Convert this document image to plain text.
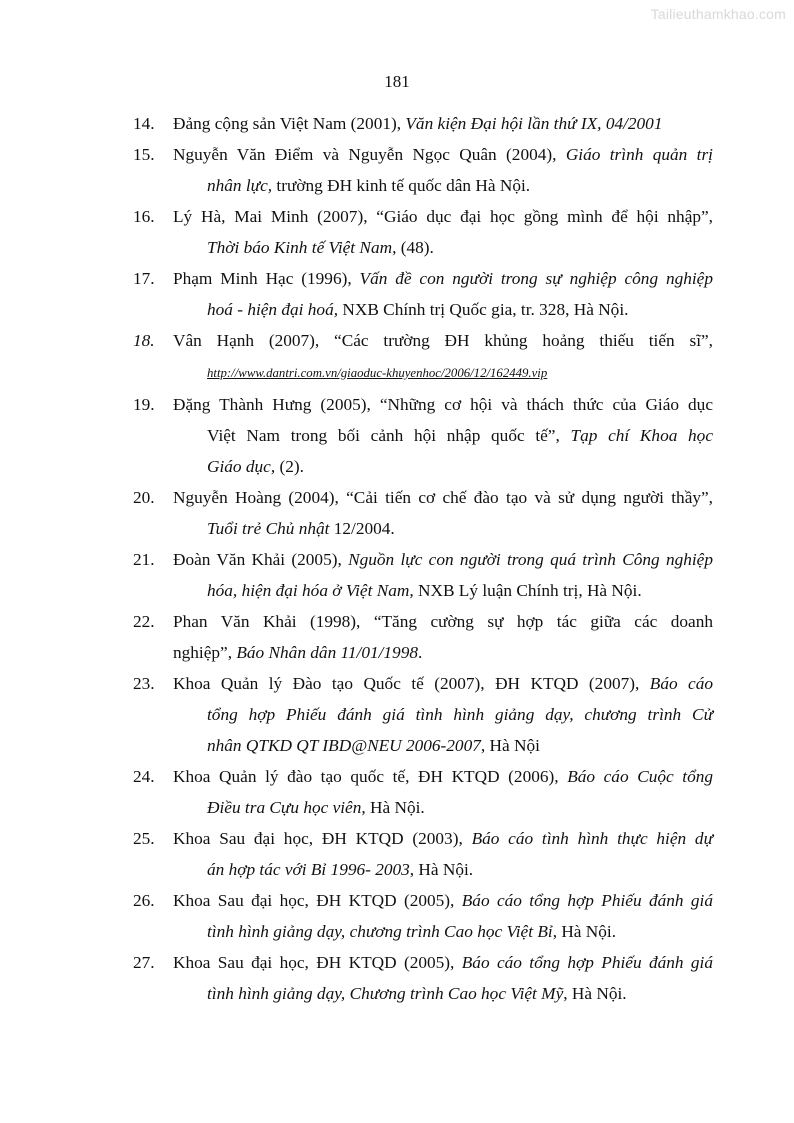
Tailieuthamkhao.com
181
14. Đảng cộng sản Việt Nam (2001), Văn kiện Đại hội lần thứ IX, 04/2001
15. Nguyễn Văn Điểm và Nguyễn Ngọc Quân (2004), Giáo trình quản trị
nhân lực, trường ĐH kinh tế quốc dân Hà Nội.
16. Lý Hà, Mai Minh (2007), “Giáo dục đại học gồng mình để hội nhập”,
Thời báo Kinh tế Việt Nam, (48).
17. Phạm Minh Hạc (1996), Vấn đề con người trong sự nghiệp công nghiệp
hoá - hiện đại hoá, NXB Chính trị Quốc gia, tr. 328, Hà Nội.
18. Vân Hạnh (2007), “Các trường ĐH khủng hoảng thiếu tiến sĩ”,
http://www.dantri.com.vn/giaoduc-khuyenhoc/2006/12/162449.vip
19. Đặng Thành Hưng (2005), “Những cơ hội và thách thức của Giáo dục
Việt Nam trong bối cảnh hội nhập quốc tế”, Tạp chí Khoa học
Giáo dục, (2).
20. Nguyễn Hoàng (2004), “Cải tiến cơ chế đào tạo và sử dụng người thầy”,
Tuổi trẻ Chủ nhật 12/2004.
21. Đoàn Văn Khải (2005), Nguồn lực con người trong quá trình Công nghiệp
hóa, hiện đại hóa ở Việt Nam, NXB Lý luận Chính trị, Hà Nội.
22. Phan Văn Khải (1998), “Tăng cường sự hợp tác giữa các doanh
nghiệp”, Báo Nhân dân 11/01/1998.
23. Khoa Quản lý Đào tạo Quốc tế (2007), ĐH KTQD (2007), Báo cáo
tổng hợp Phiếu đánh giá tình hình giảng dạy, chương trình Cử
nhân QTKD QT IBD@NEU 2006-2007, Hà Nội
24. Khoa Quản lý đào tạo quốc tế, ĐH KTQD (2006), Báo cáo Cuộc tổng
Điều tra Cựu học viên, Hà Nội.
25. Khoa Sau đại học, ĐH KTQD (2003), Báo cáo tình hình thực hiện dự
án hợp tác với Bỉ 1996- 2003, Hà Nội.
26. Khoa Sau đại học, ĐH KTQD (2005), Báo cáo tổng hợp Phiếu đánh giá
tình hình giảng dạy, chương trình Cao học Việt Bỉ, Hà Nội.
27. Khoa Sau đại học, ĐH KTQD (2005), Báo cáo tổng hợp Phiếu đánh giá
tình hình giảng dạy, Chương trình Cao học Việt Mỹ, Hà Nội.
